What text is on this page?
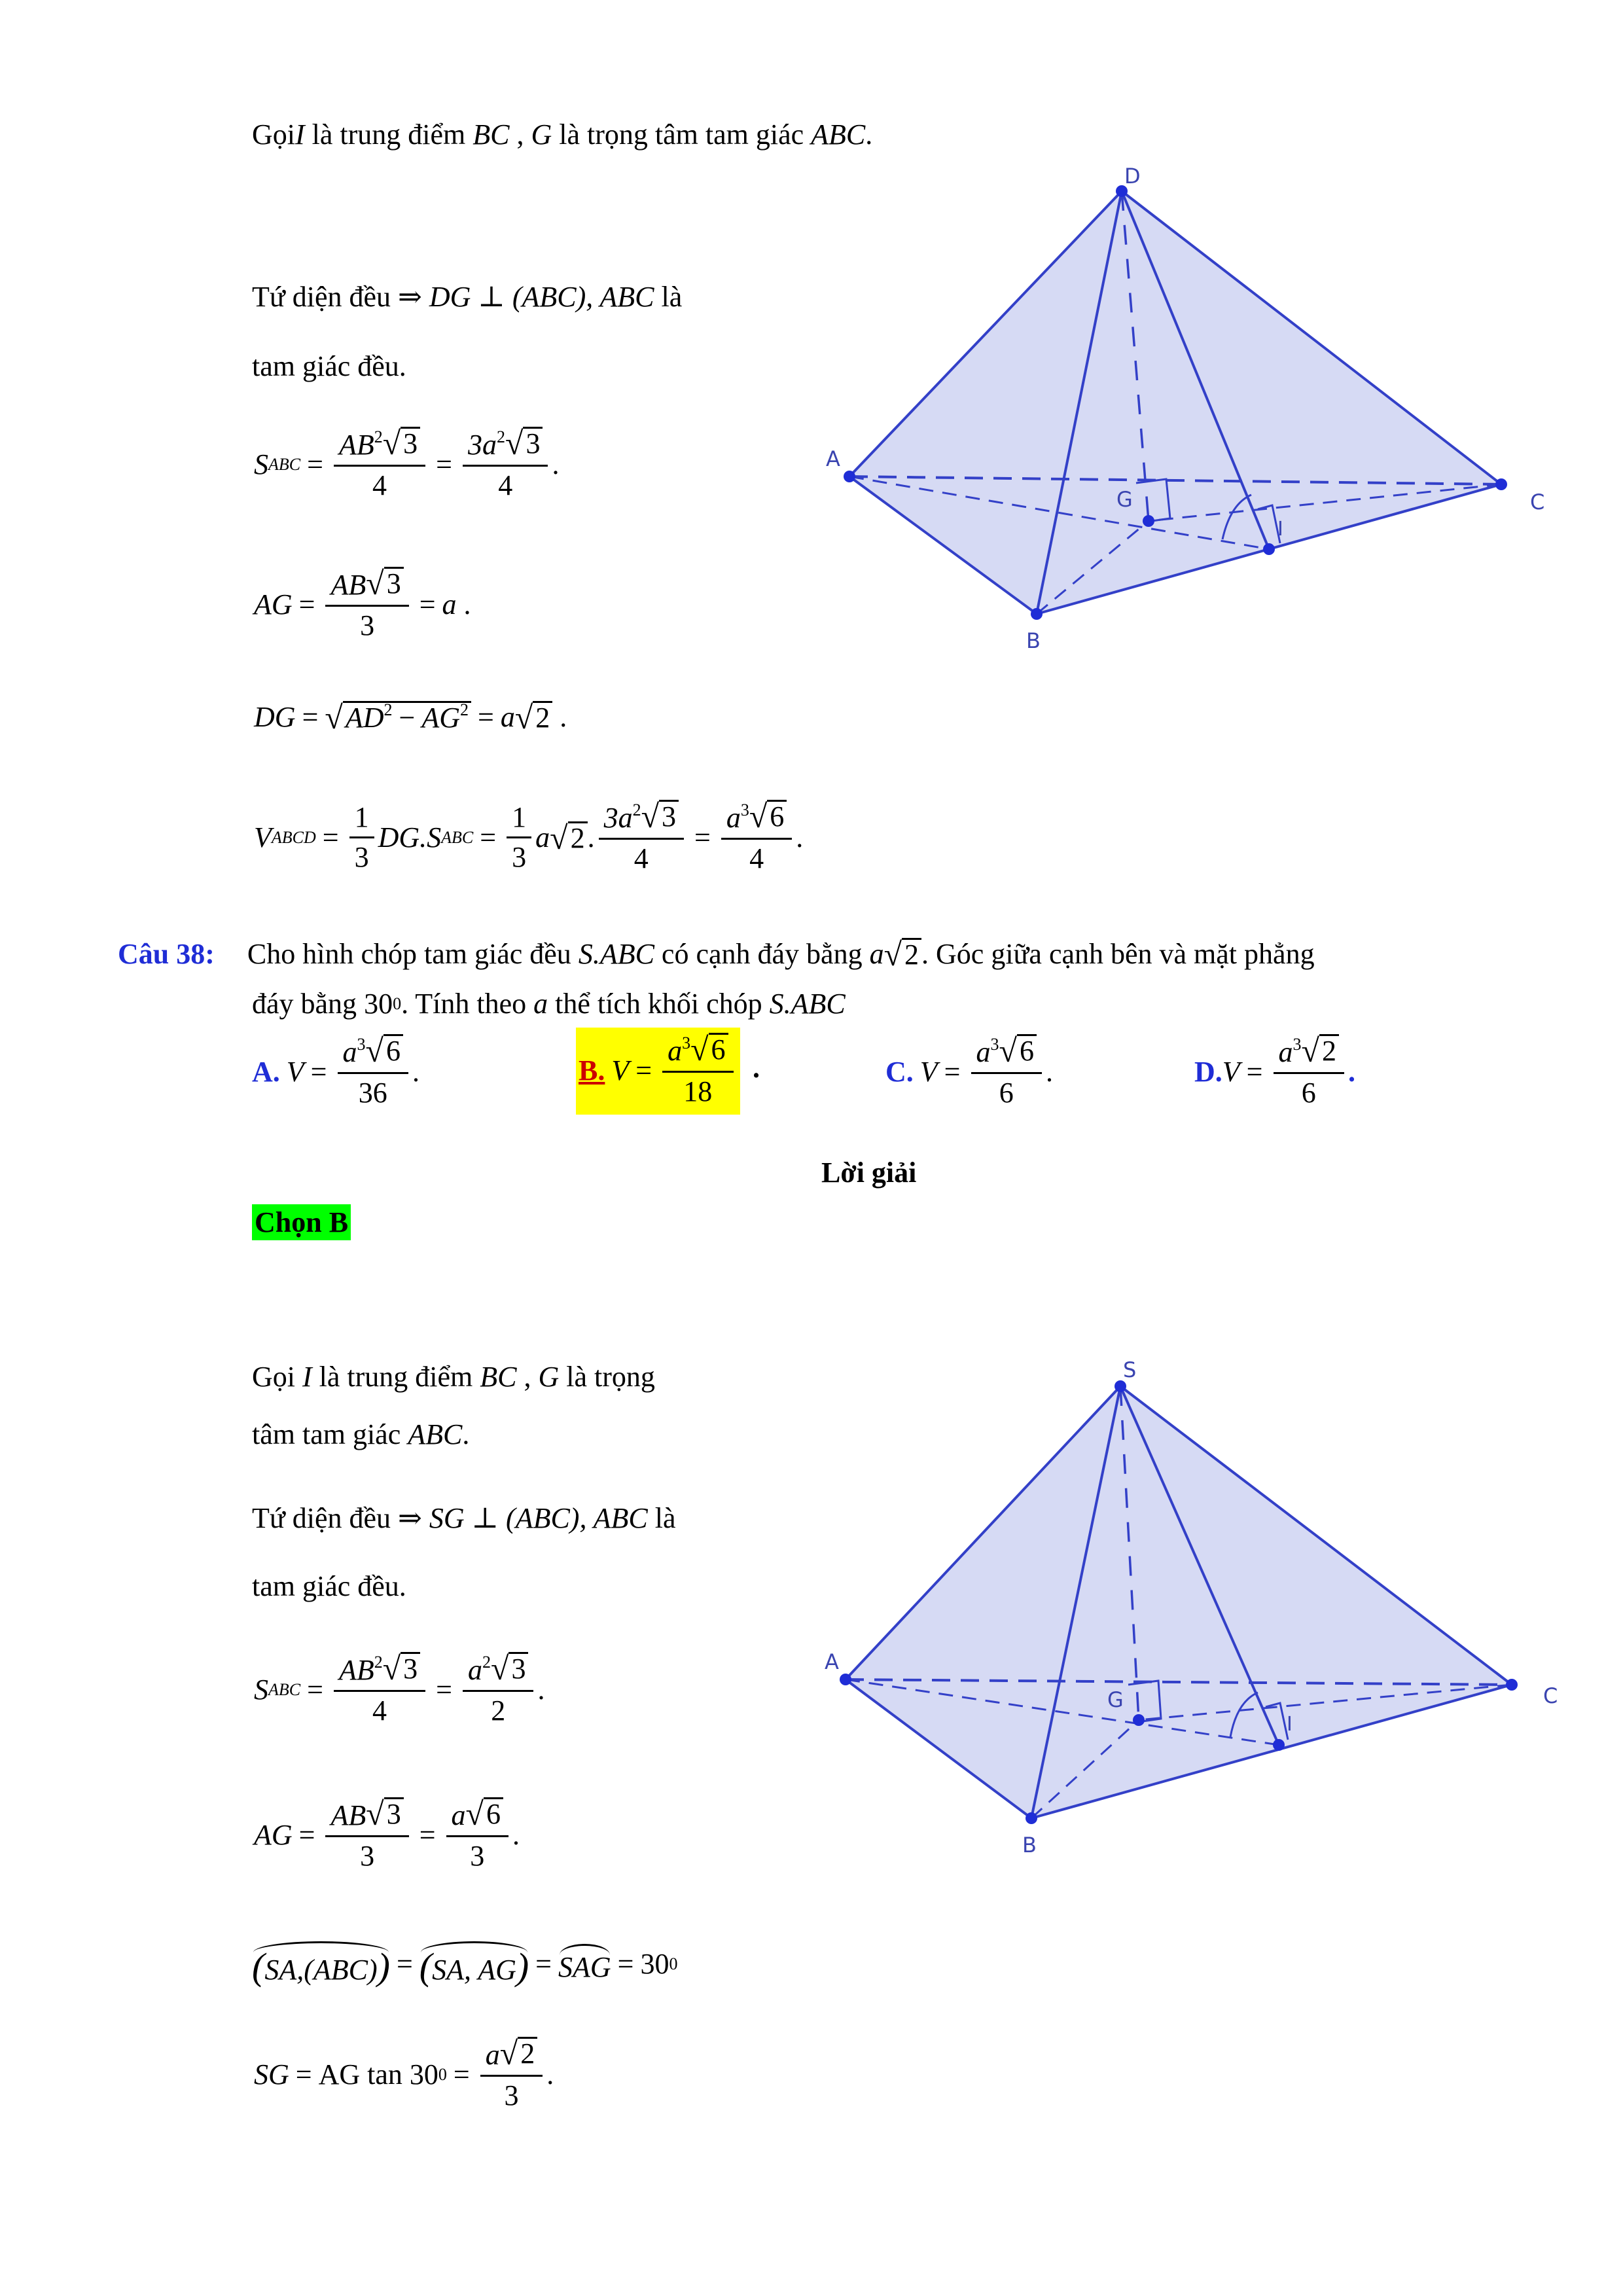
Gọi I là trung điểm BC , G là trọng tâm tam giác ABC .
Tứ diện đều ⇒ DG ⊥ (ABC), ABC là
tam giác đều.
S ABC = $\frac{AB^2 √ 3}{4} = \frac{3a^2 √ 3}{4}$ .
AG = $\frac{AB √ 3}{3} = a$ .
DG = √ $AD^2 - AG^2 = a$ √ 2 .
V ABCD = $\frac{1}{3} DG.S$ ABC = $\frac{1}{3}$ a √ 2 . $\frac{3a^2 √ 3}{4} = \frac{a^3 √ 6}{4}$ .
D
A
B
C
G
I
Câu 38: Cho hình chóp tam giác đều S.ABC có cạnh đáy bằng a √ 2 . Góc giữa cạnh bên và mặt phẳng
đáy bằng 30 0 . Tính theo a thể tích khối chóp S.ABC
A. $V = \frac{a^3 √ 6}{36}$ .	B. $V = \frac{a^3 √ 6}{18}$ .	C. $V = \frac{a^3 √ 6}{6}$ .	D. $V = \frac{a^3 √ 2}{6}$ .
Lời giải
Chọn B
Gọi I là trung điểm BC , G là trọng
tâm tam giác ABC .
Tứ diện đều ⇒ SG ⊥ (ABC), ABC là
tam giác đều.
S ABC = $\frac{AB^2 √ 3}{4} = \frac{a^2 √ 3}{2}$ .
AG = $\frac{AB √ 3}{3} = \frac{a √ 6}{3}$ .
(SA,(ABC)) = (SA, AG) = SAG = 30 0
SG = AG tan 30 $0 = \frac{a √ 2}{3}$ .
S
A
B
C
G
I
